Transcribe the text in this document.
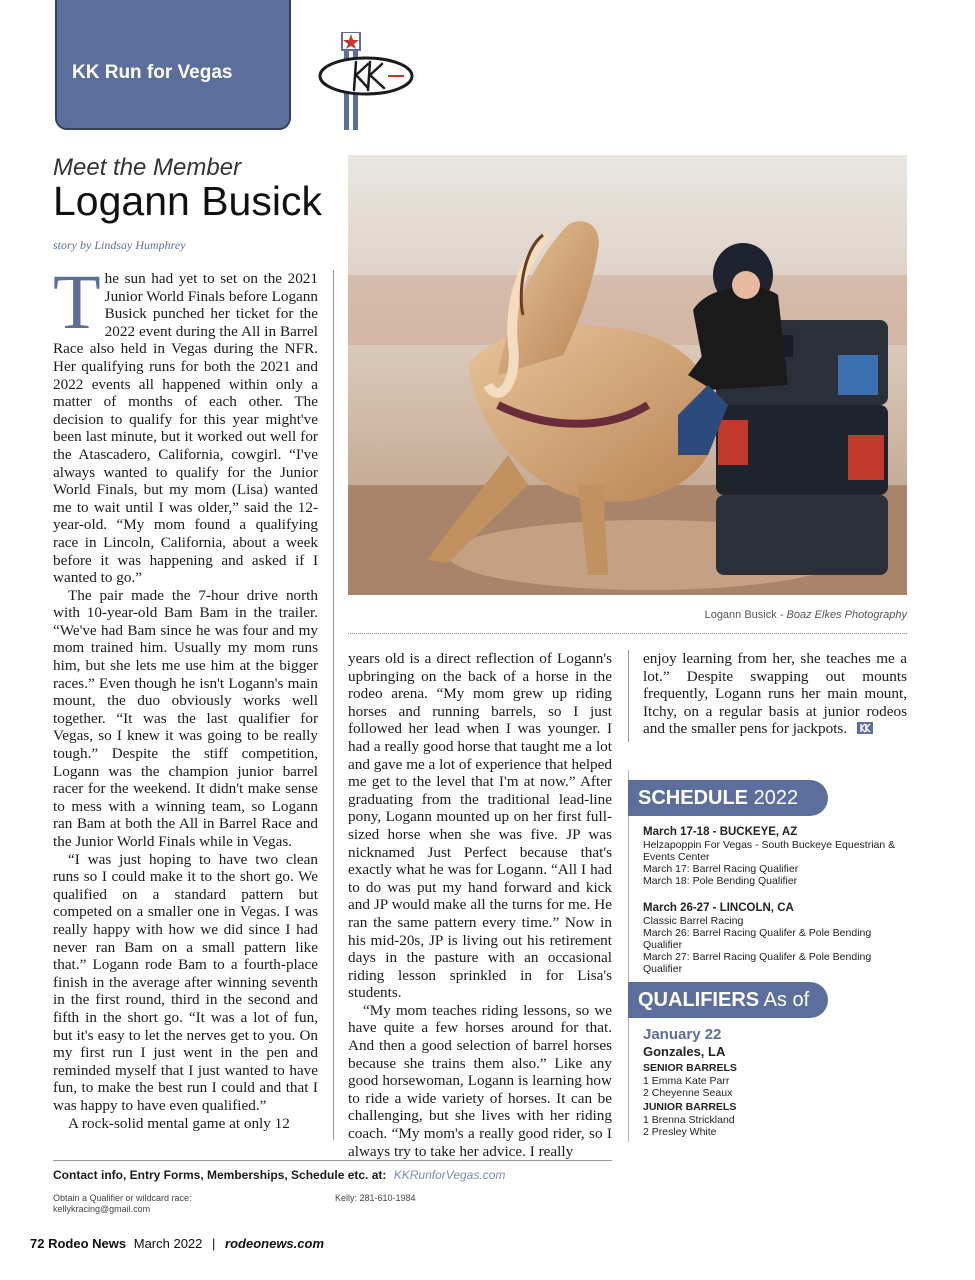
KK Run for Vegas
Meet the Member
Logann Busick
story by Lindsay Humphrey

The sun had yet to set on the 2021 Junior World Finals before Logann Busick punched her ticket for the 2022 event during the All in Barrel Race also held in Vegas during the NFR. Her qualifying runs for both the 2021 and 2022 events all happened within only a matter of months of each other. The decision to qualify for this year might've been last minute, but it worked out well for the Atascadero, California, cowgirl. “I've always wanted to qualify for the Junior World Finals, but my mom (Lisa) wanted me to wait until I was older,” said the 12-year-old. “My mom found a qualifying race in Lincoln, California, about a week before it was happening and asked if I wanted to go.”

The pair made the 7-hour drive north with 10-year-old Bam Bam in the trailer. “We've had Bam since he was four and my mom trained him. Usually my mom runs him, but she lets me use him at the bigger races.” Even though he isn't Logann's main mount, the duo obviously works well together. “It was the last qualifier for Vegas, so I knew it was going to be really tough.” Despite the stiff competition, Logann was the champion junior barrel racer for the weekend. It didn't make sense to mess with a winning team, so Logann ran Bam at both the All in Barrel Race and the Junior World Finals while in Vegas.

“I was just hoping to have two clean runs so I could make it to the short go. We qualified on a standard pattern but competed on a smaller one in Vegas. I was really happy with how we did since I had never ran Bam on a small pattern like that.” Logann rode Bam to a fourth-place finish in the average after winning seventh in the first round, third in the second and fifth in the short go. “It was a lot of fun, but it's easy to let the nerves get to you. On my first run I just went in the pen and reminded myself that I just wanted to have fun, to make the best run I could and that I was happy to have even qualified.”

A rock-solid mental game at only 12

Logann Busick - Boaz Elkes Photography

years old is a direct reflection of Logann's upbringing on the back of a horse in the rodeo arena. “My mom grew up riding horses and running barrels, so I just followed her lead when I was younger. I had a really good horse that taught me a lot and gave me a lot of experience that helped me get to the level that I'm at now.” After graduating from the traditional lead-line pony, Logann mounted up on her first full-sized horse when she was five. JP was nicknamed Just Perfect because that's exactly what he was for Logann. “All I had to do was put my hand forward and kick and JP would make all the turns for me. He ran the same pattern every time.” Now in his mid-20s, JP is living out his retirement days in the pasture with an occasional riding lesson sprinkled in for Lisa's students.

“My mom teaches riding lessons, so we have quite a few horses around for that. And then a good selection of barrel horses because she trains them also.” Like any good horsewoman, Logann is learning how to ride a wide variety of horses. It can be challenging, but she lives with her riding coach. “My mom's a really good rider, so I always try to take her advice. I really

enjoy learning from her, she teaches me a lot.” Despite swapping out mounts frequently, Logann runs her main mount, Itchy, on a regular basis at junior rodeos and the smaller pens for jackpots.

SCHEDULE 2022
March 17-18 - BUCKEYE, AZ
Helzapoppin For Vegas - South Buckeye Equestrian & Events Center
March 17: Barrel Racing Qualifier
March 18: Pole Bending Qualifier
March 26-27 - LINCOLN, CA
Classic Barrel Racing
March 26: Barrel Racing Qualifer & Pole Bending Qualifier
March 27: Barrel Racing Qualifer & Pole Bending Qualifier
QUALIFIERS As of
January 22
Gonzales, LA
SENIOR BARRELS
1 Emma Kate Parr
2 Cheyenne Seaux
JUNIOR BARRELS
1 Brenna Strickland
2 Presley White
Contact info, Entry Forms, Memberships, Schedule etc. at: KKRunforVegas.com
Obtain a Qualifier or wildcard race:
kellykracing@gmail.com
Kelly: 281-610-1984
72 Rodeo News March 2022 | rodeonews.com
